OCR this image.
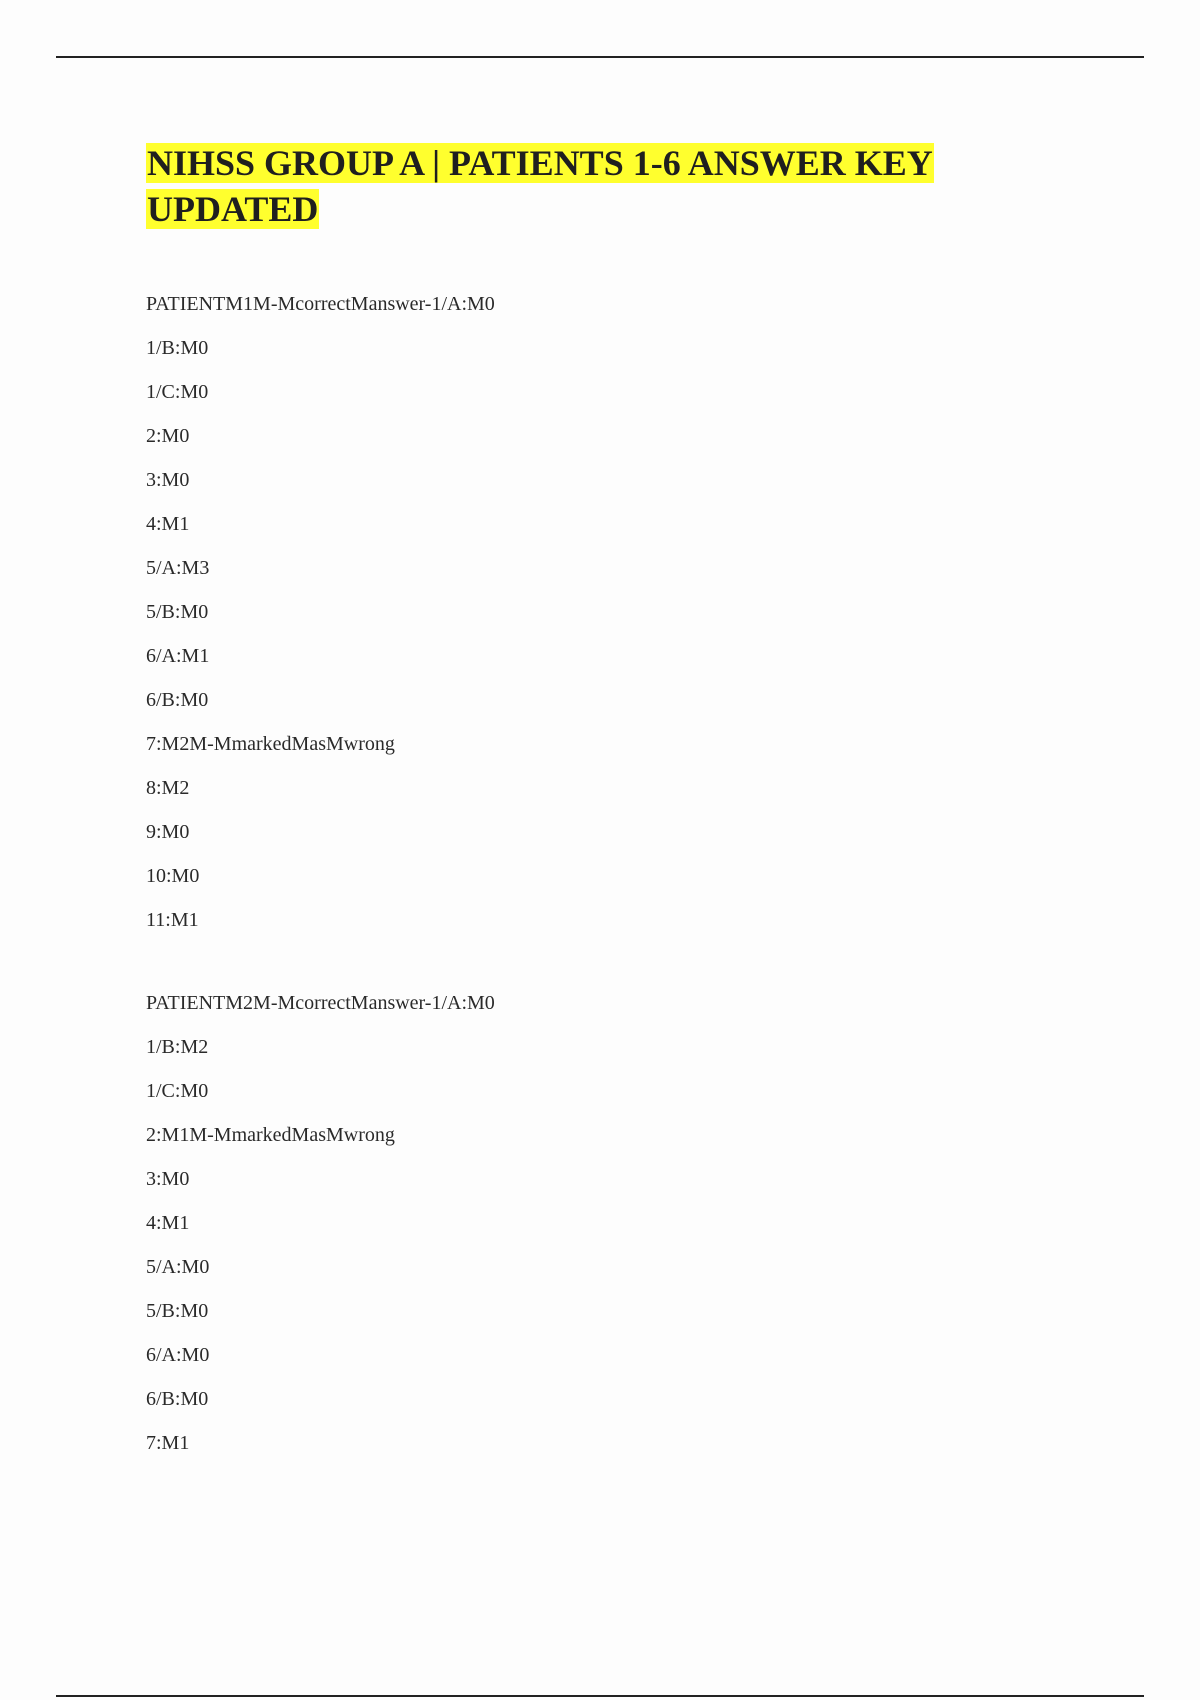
NIHSS GROUP A | PATIENTS 1-6 ANSWER KEY UPDATED
PATIENTM1M-McorrectManswer-1/A:M0
1/B:M0
1/C:M0
2:M0
3:M0
4:M1
5/A:M3
5/B:M0
6/A:M1
6/B:M0
7:M2M-MmarkedMasMwrong
8:M2
9:M0
10:M0
11:M1
PATIENTM2M-McorrectManswer-1/A:M0
1/B:M2
1/C:M0
2:M1M-MmarkedMasMwrong
3:M0
4:M1
5/A:M0
5/B:M0
6/A:M0
6/B:M0
7:M1
